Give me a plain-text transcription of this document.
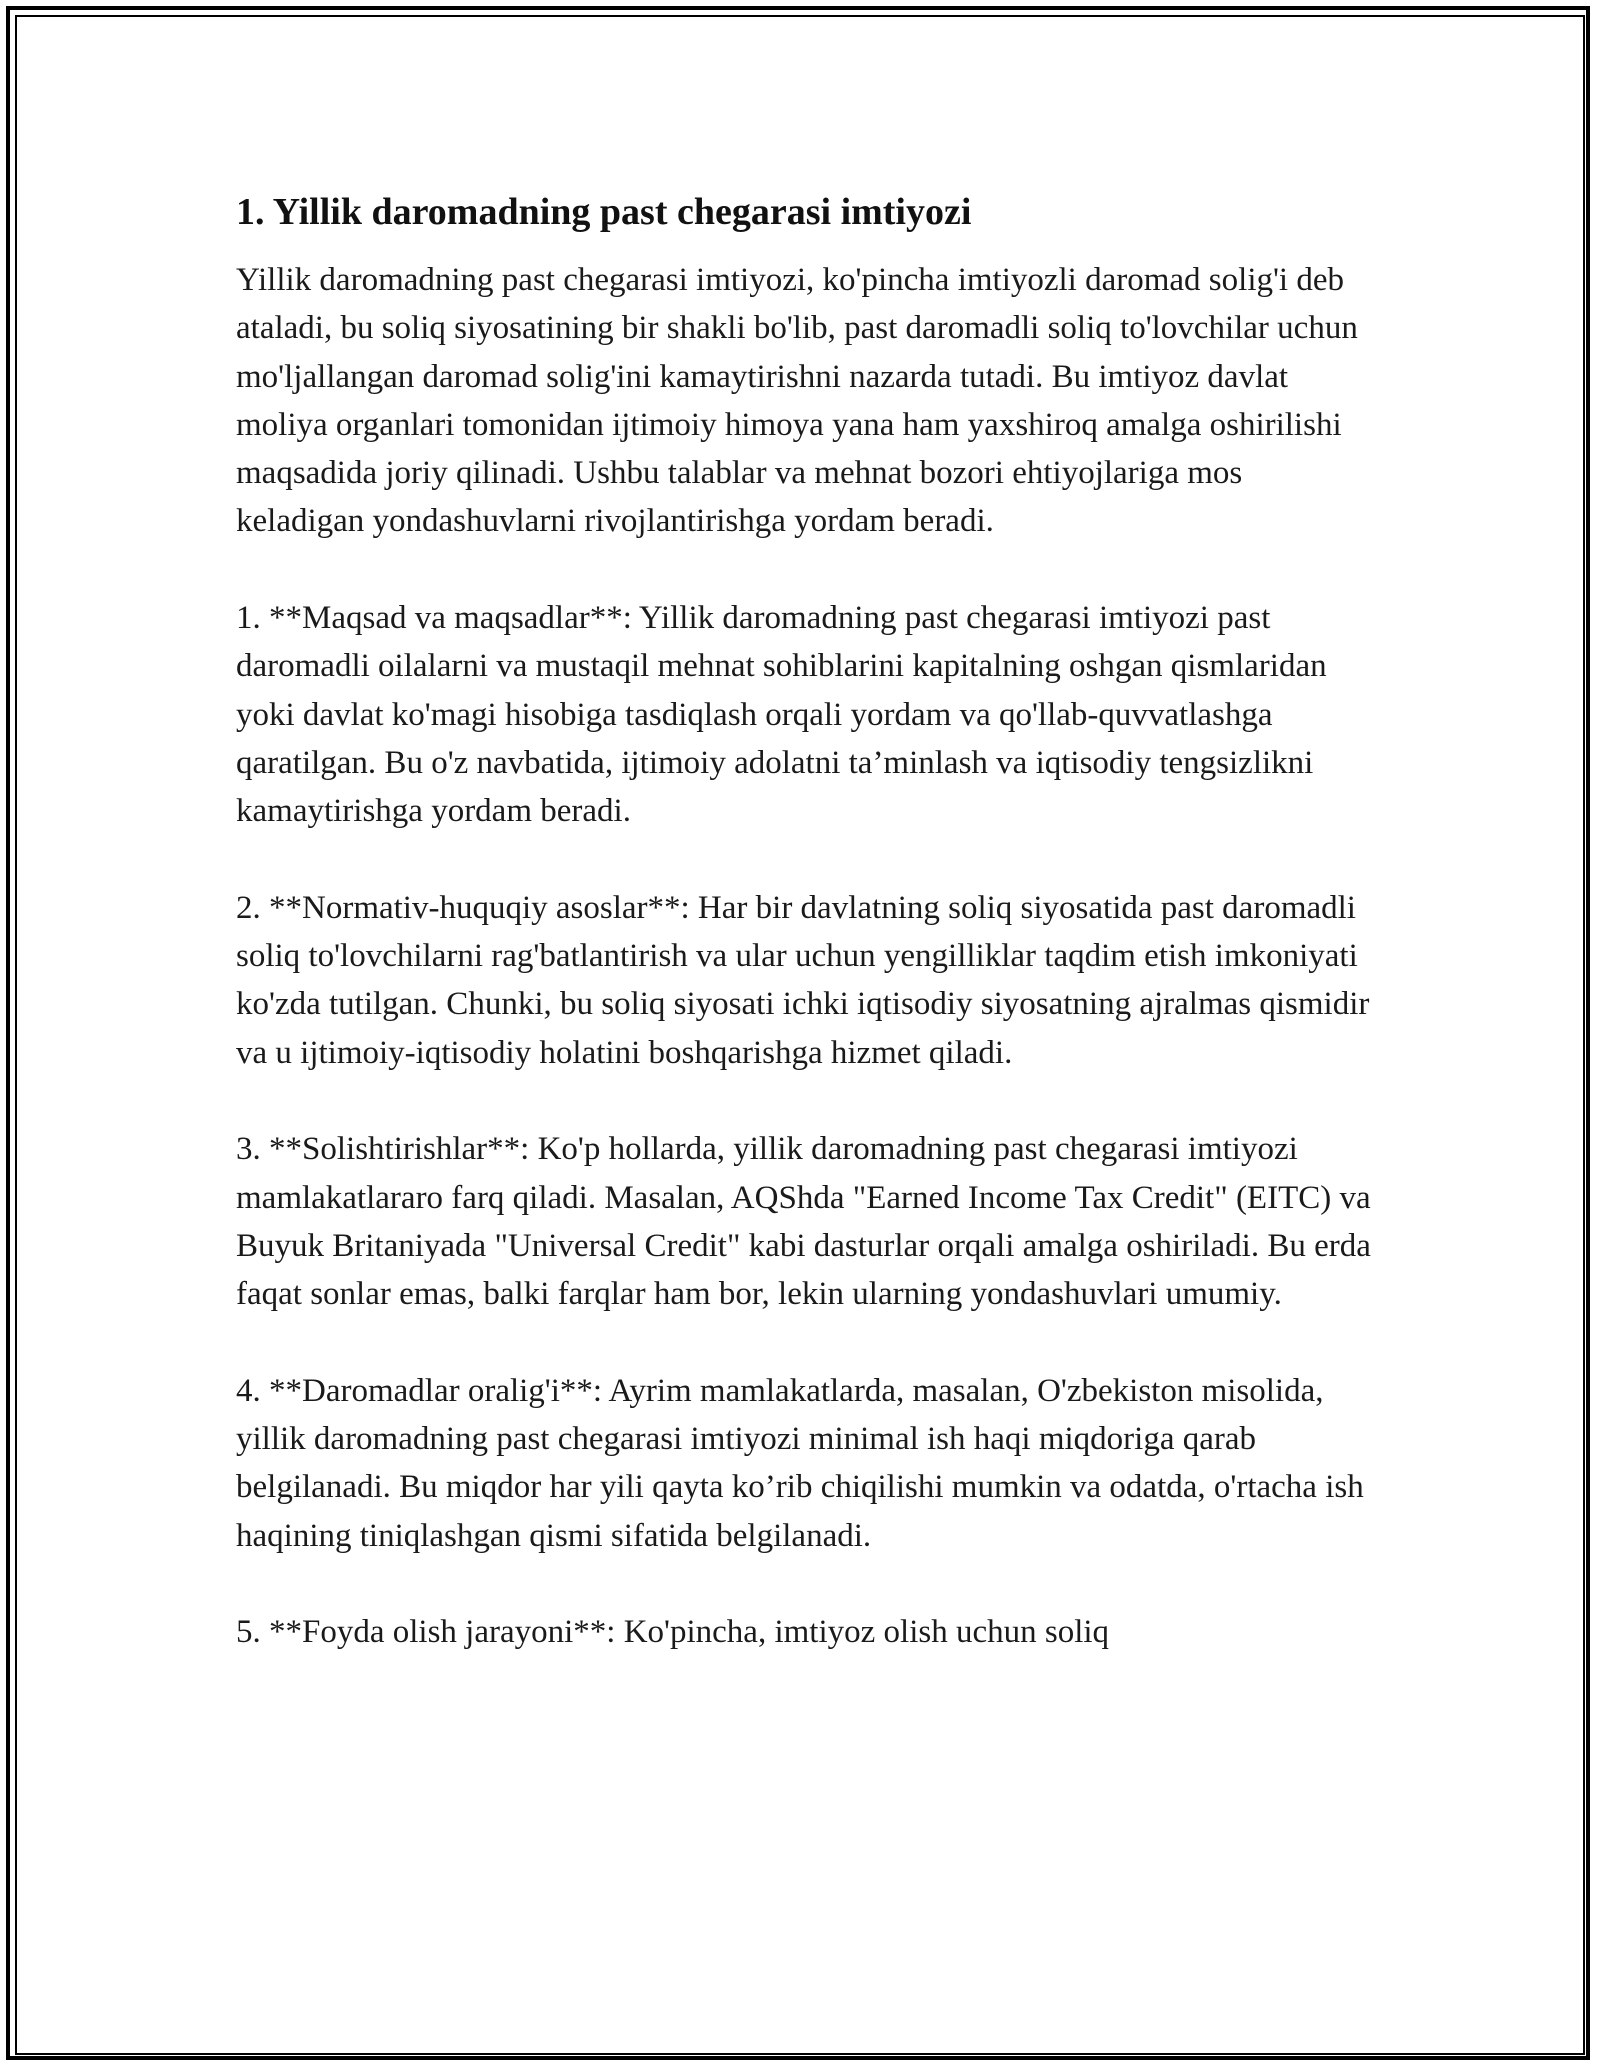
1. Yillik daromadning past chegarasi imtiyozi

Yillik daromadning past chegarasi imtiyozi, ko'pincha imtiyozli daromad solig'i deb ataladi, bu soliq siyosatining bir shakli bo'lib, past daromadli soliq to'lovchilar uchun mo'ljallangan daromad solig'ini kamaytirishni nazarda tutadi. Bu imtiyoz davlat moliya organlari tomonidan ijtimoiy himoya yana ham yaxshiroq amalga oshirilishi maqsadida joriy qilinadi. Ushbu talablar va mehnat bozori ehtiyojlariga mos keladigan yondashuvlarni rivojlantirishga yordam beradi.

1. **Maqsad va maqsadlar**: Yillik daromadning past chegarasi imtiyozi past daromadli oilalarni va mustaqil mehnat sohiblarini kapitalning oshgan qismlaridan yoki davlat ko'magi hisobiga tasdiqlash orqali yordam va qo'llab-quvvatlashga qaratilgan. Bu o'z navbatida, ijtimoiy adolatni ta’minlash va iqtisodiy tengsizlikni kamaytirishga yordam beradi.

2. **Normativ-huquqiy asoslar**: Har bir davlatning soliq siyosatida past daromadli soliq to'lovchilarni rag'batlantirish va ular uchun yengilliklar taqdim etish imkoniyati ko'zda tutilgan. Chunki, bu soliq siyosati ichki iqtisodiy siyosatning ajralmas qismidir va u ijtimoiy-iqtisodiy holatini boshqarishga hizmet qiladi.

3. **Solishtirishlar**: Ko'p hollarda, yillik daromadning past chegarasi imtiyozi mamlakatlararo farq qiladi. Masalan, AQShda "Earned Income Tax Credit" (EITC) va Buyuk Britaniyada "Universal Credit" kabi dasturlar orqali amalga oshiriladi. Bu erda faqat sonlar emas, balki farqlar ham bor, lekin ularning yondashuvlari umumiy.

4. **Daromadlar oralig'i**: Ayrim mamlakatlarda, masalan, O'zbekiston misolida, yillik daromadning past chegarasi imtiyozi minimal ish haqi miqdoriga qarab belgilanadi. Bu miqdor har yili qayta ko’rib chiqilishi mumkin va odatda, o'rtacha ish haqining tiniqlashgan qismi sifatida belgilanadi.

5. **Foyda olish jarayoni**: Ko'pincha, imtiyoz olish uchun soliq
